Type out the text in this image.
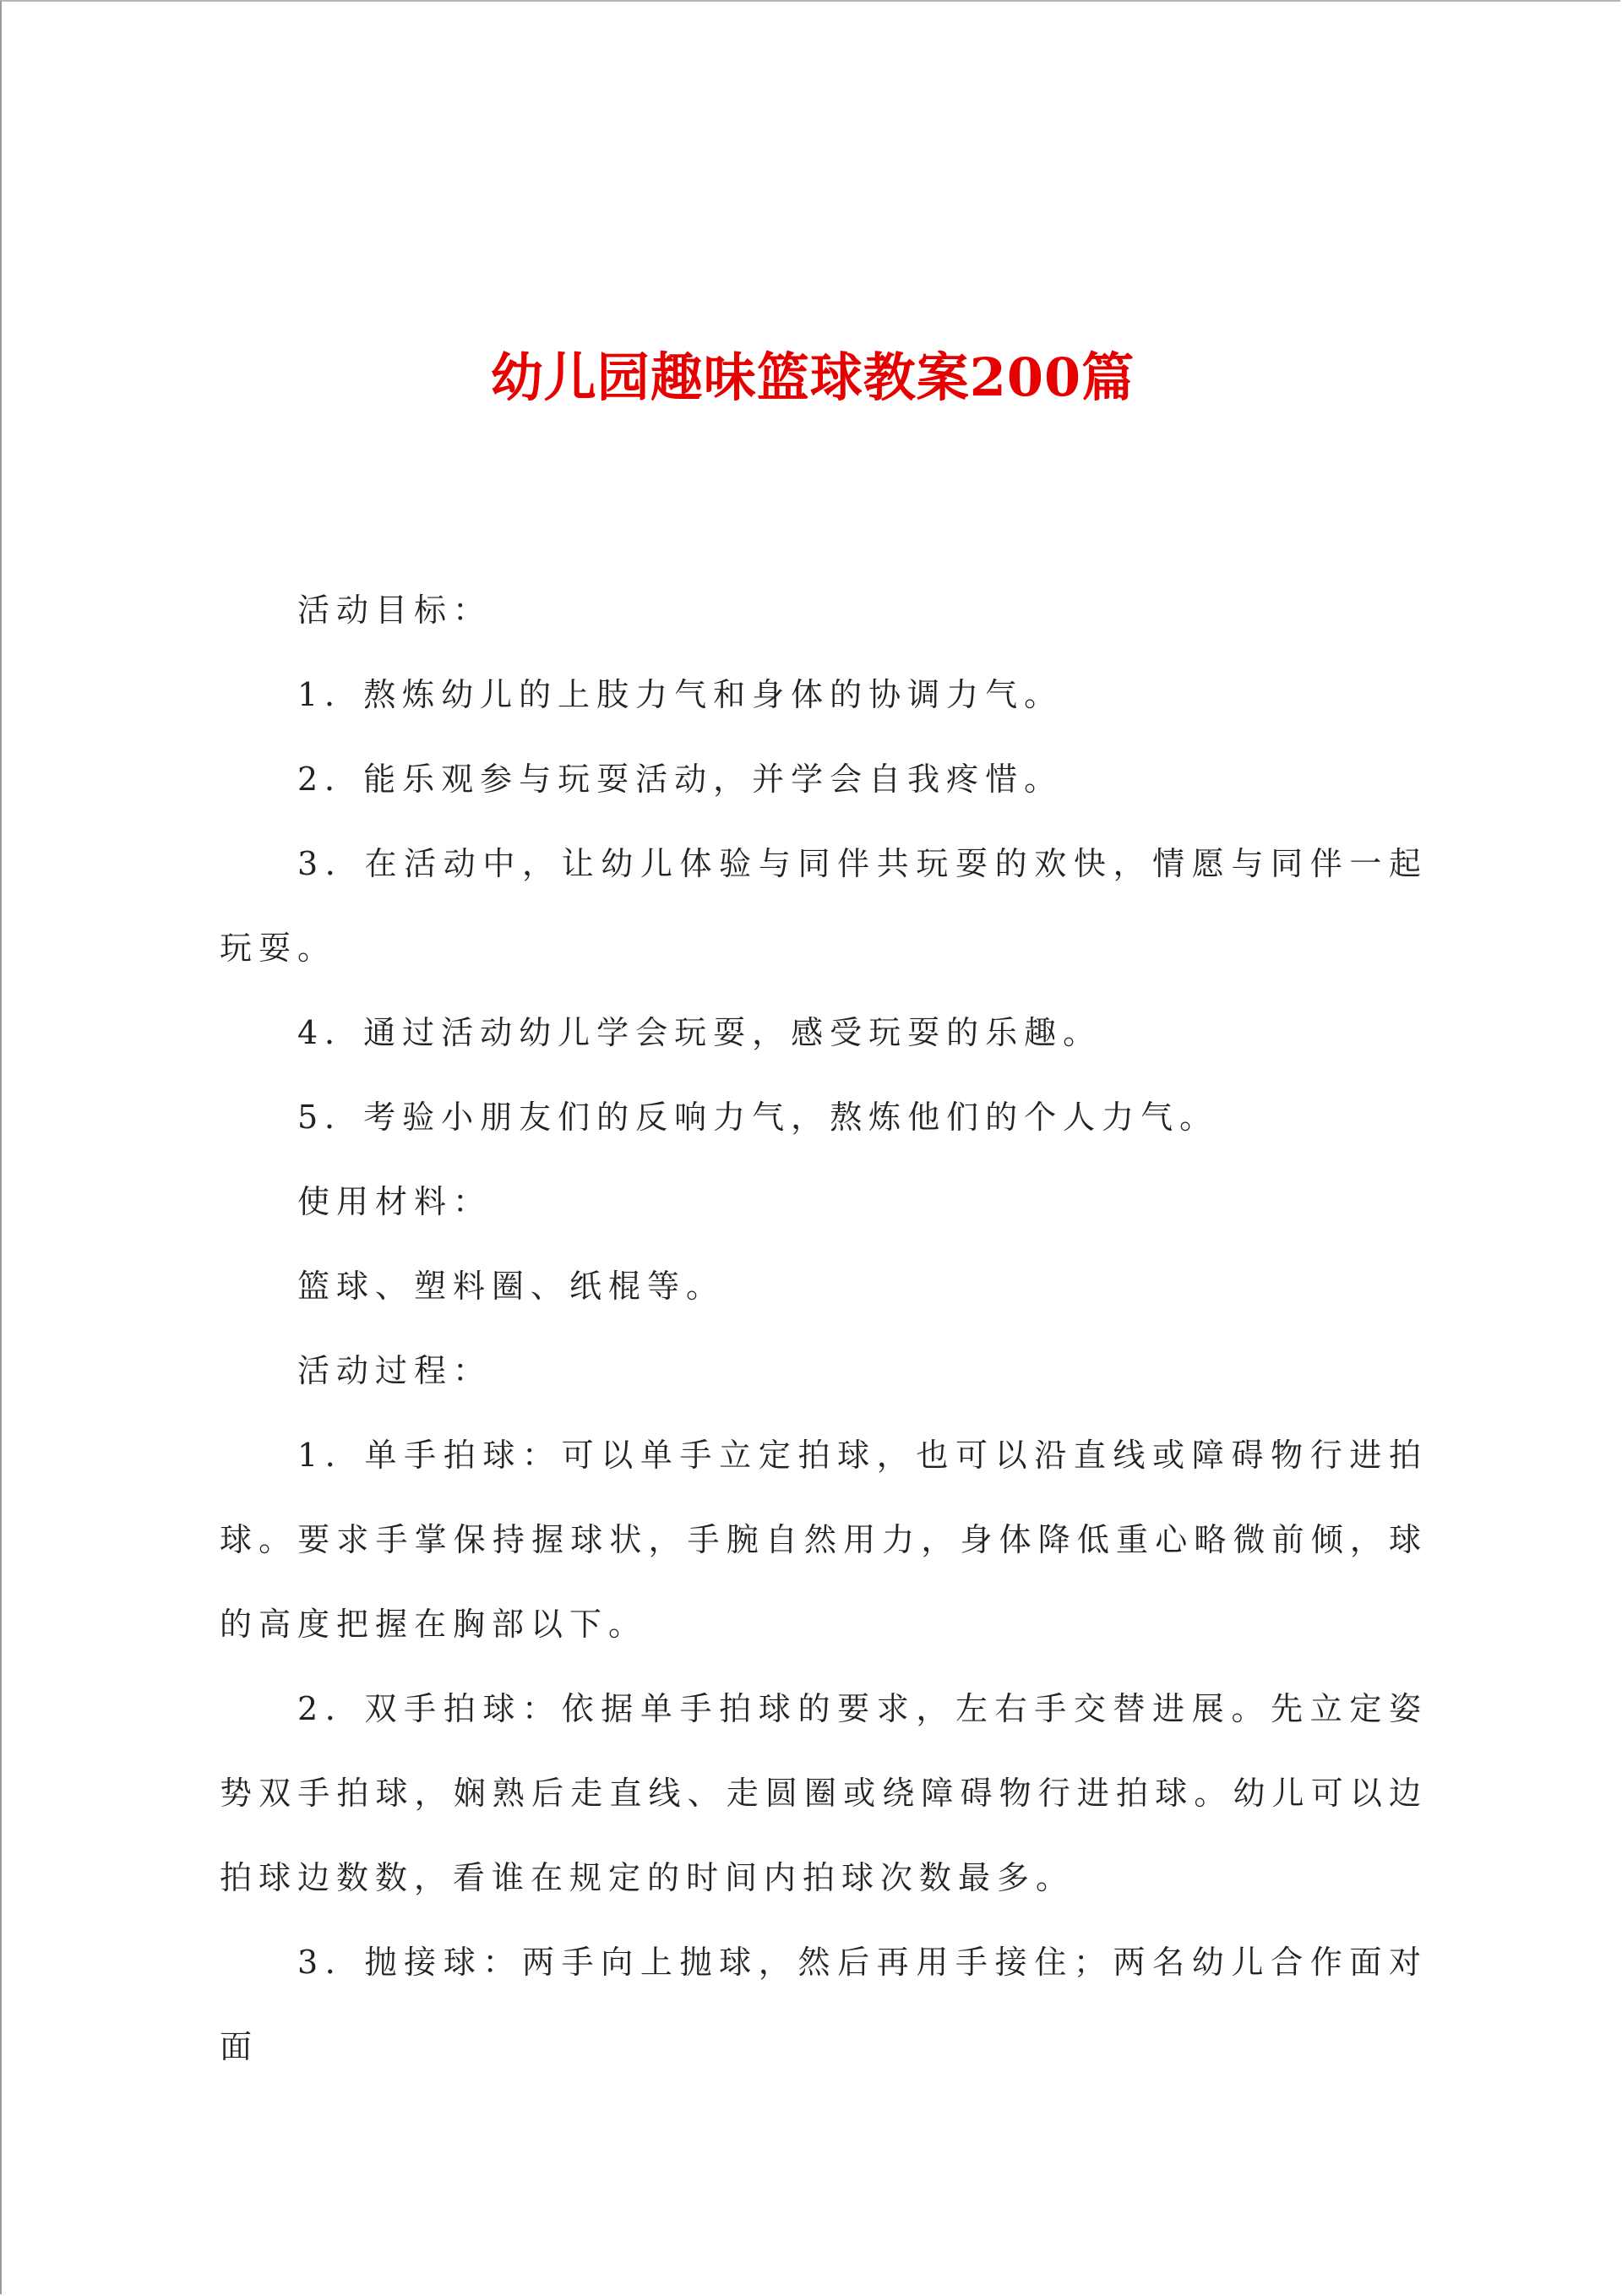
幼儿园趣味篮球教案200篇

活动目标：

1．熬炼幼儿的上肢力气和身体的协调力气。

2．能乐观参与玩耍活动，并学会自我疼惜。

3．在活动中，让幼儿体验与同伴共玩耍的欢快，情愿与同伴一起玩耍。

4．通过活动幼儿学会玩耍，感受玩耍的乐趣。

5．考验小朋友们的反响力气，熬炼他们的个人力气。

使用材料：

篮球、塑料圈、纸棍等。

活动过程：

1．单手拍球：可以单手立定拍球，也可以沿直线或障碍物行进拍球。要求手掌保持握球状，手腕自然用力，身体降低重心略微前倾，球的高度把握在胸部以下。

2．双手拍球：依据单手拍球的要求，左右手交替进展。先立定姿势双手拍球，娴熟后走直线、走圆圈或绕障碍物行进拍球。幼儿可以边拍球边数数，看谁在规定的时间内拍球次数最多。

3．抛接球：两手向上抛球，然后再用手接住；两名幼儿合作面对面
